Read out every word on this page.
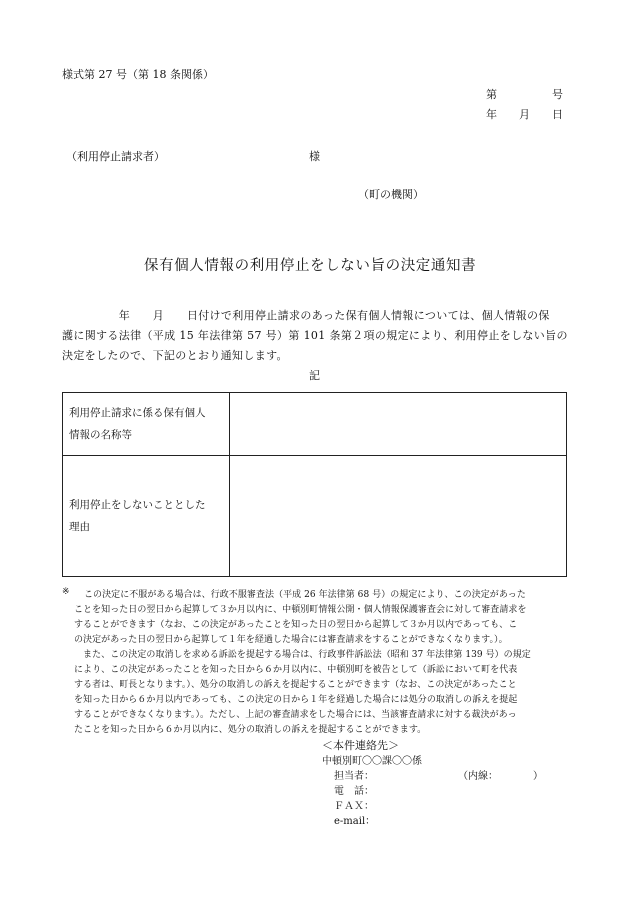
様式第 27 号（第 18 条関係）
第　　　　　号
年　　月　　日
（利用停止請求者）	様
（町の機関）
保有個人情報の利用停止をしない旨の決定通知書
　　　　　年　　月　　日付けで利用停止請求のあった保有個人情報については、個人情報の保
護に関する法律（平成 15 年法律第 57 号）第 101 条第２項の規定により、利用停止をしない旨の
決定をしたので、下記のとおり通知します。
記
利用停止請求に係る保有個人
情報の名称等	

利用停止をしないこととした
理由	

※ この決定に不服がある場合は、行政不服審査法（平成 26 年法律第 68 号）の規定により、この決定があった
ことを知った日の翌日から起算して３か月以内に、中頓別町情報公開・個人情報保護審査会に対して審査請求を
することができます（なお、この決定があったことを知った日の翌日から起算して３か月以内であっても、こ
の決定があった日の翌日から起算して１年を経過した場合には審査請求をすることができなくなります。）。
　また、この決定の取消しを求める訴訟を提起する場合は、行政事件訴訟法（昭和 37 年法律第 139 号）の規定
により、この決定があったことを知った日から６か月以内に、中頓別町を被告として（訴訟において町を代表
する者は、町長となります。）、処分の取消しの訴えを提起することができます（なお、この決定があったこと
を知った日から６か月以内であっても、この決定の日から１年を経過した場合には処分の取消しの訴えを提起
することができなくなります。）。ただし、上記の審査請求をした場合には、当該審査請求に対する裁決があっ
たことを知った日から６か月以内に、処分の取消しの訴えを提起することができます。
＜本件連絡先＞
中頓別町〇〇課〇〇係
担当者：	（内線：　　　　）
電　話：
ＦＡＸ：
e-mail：
